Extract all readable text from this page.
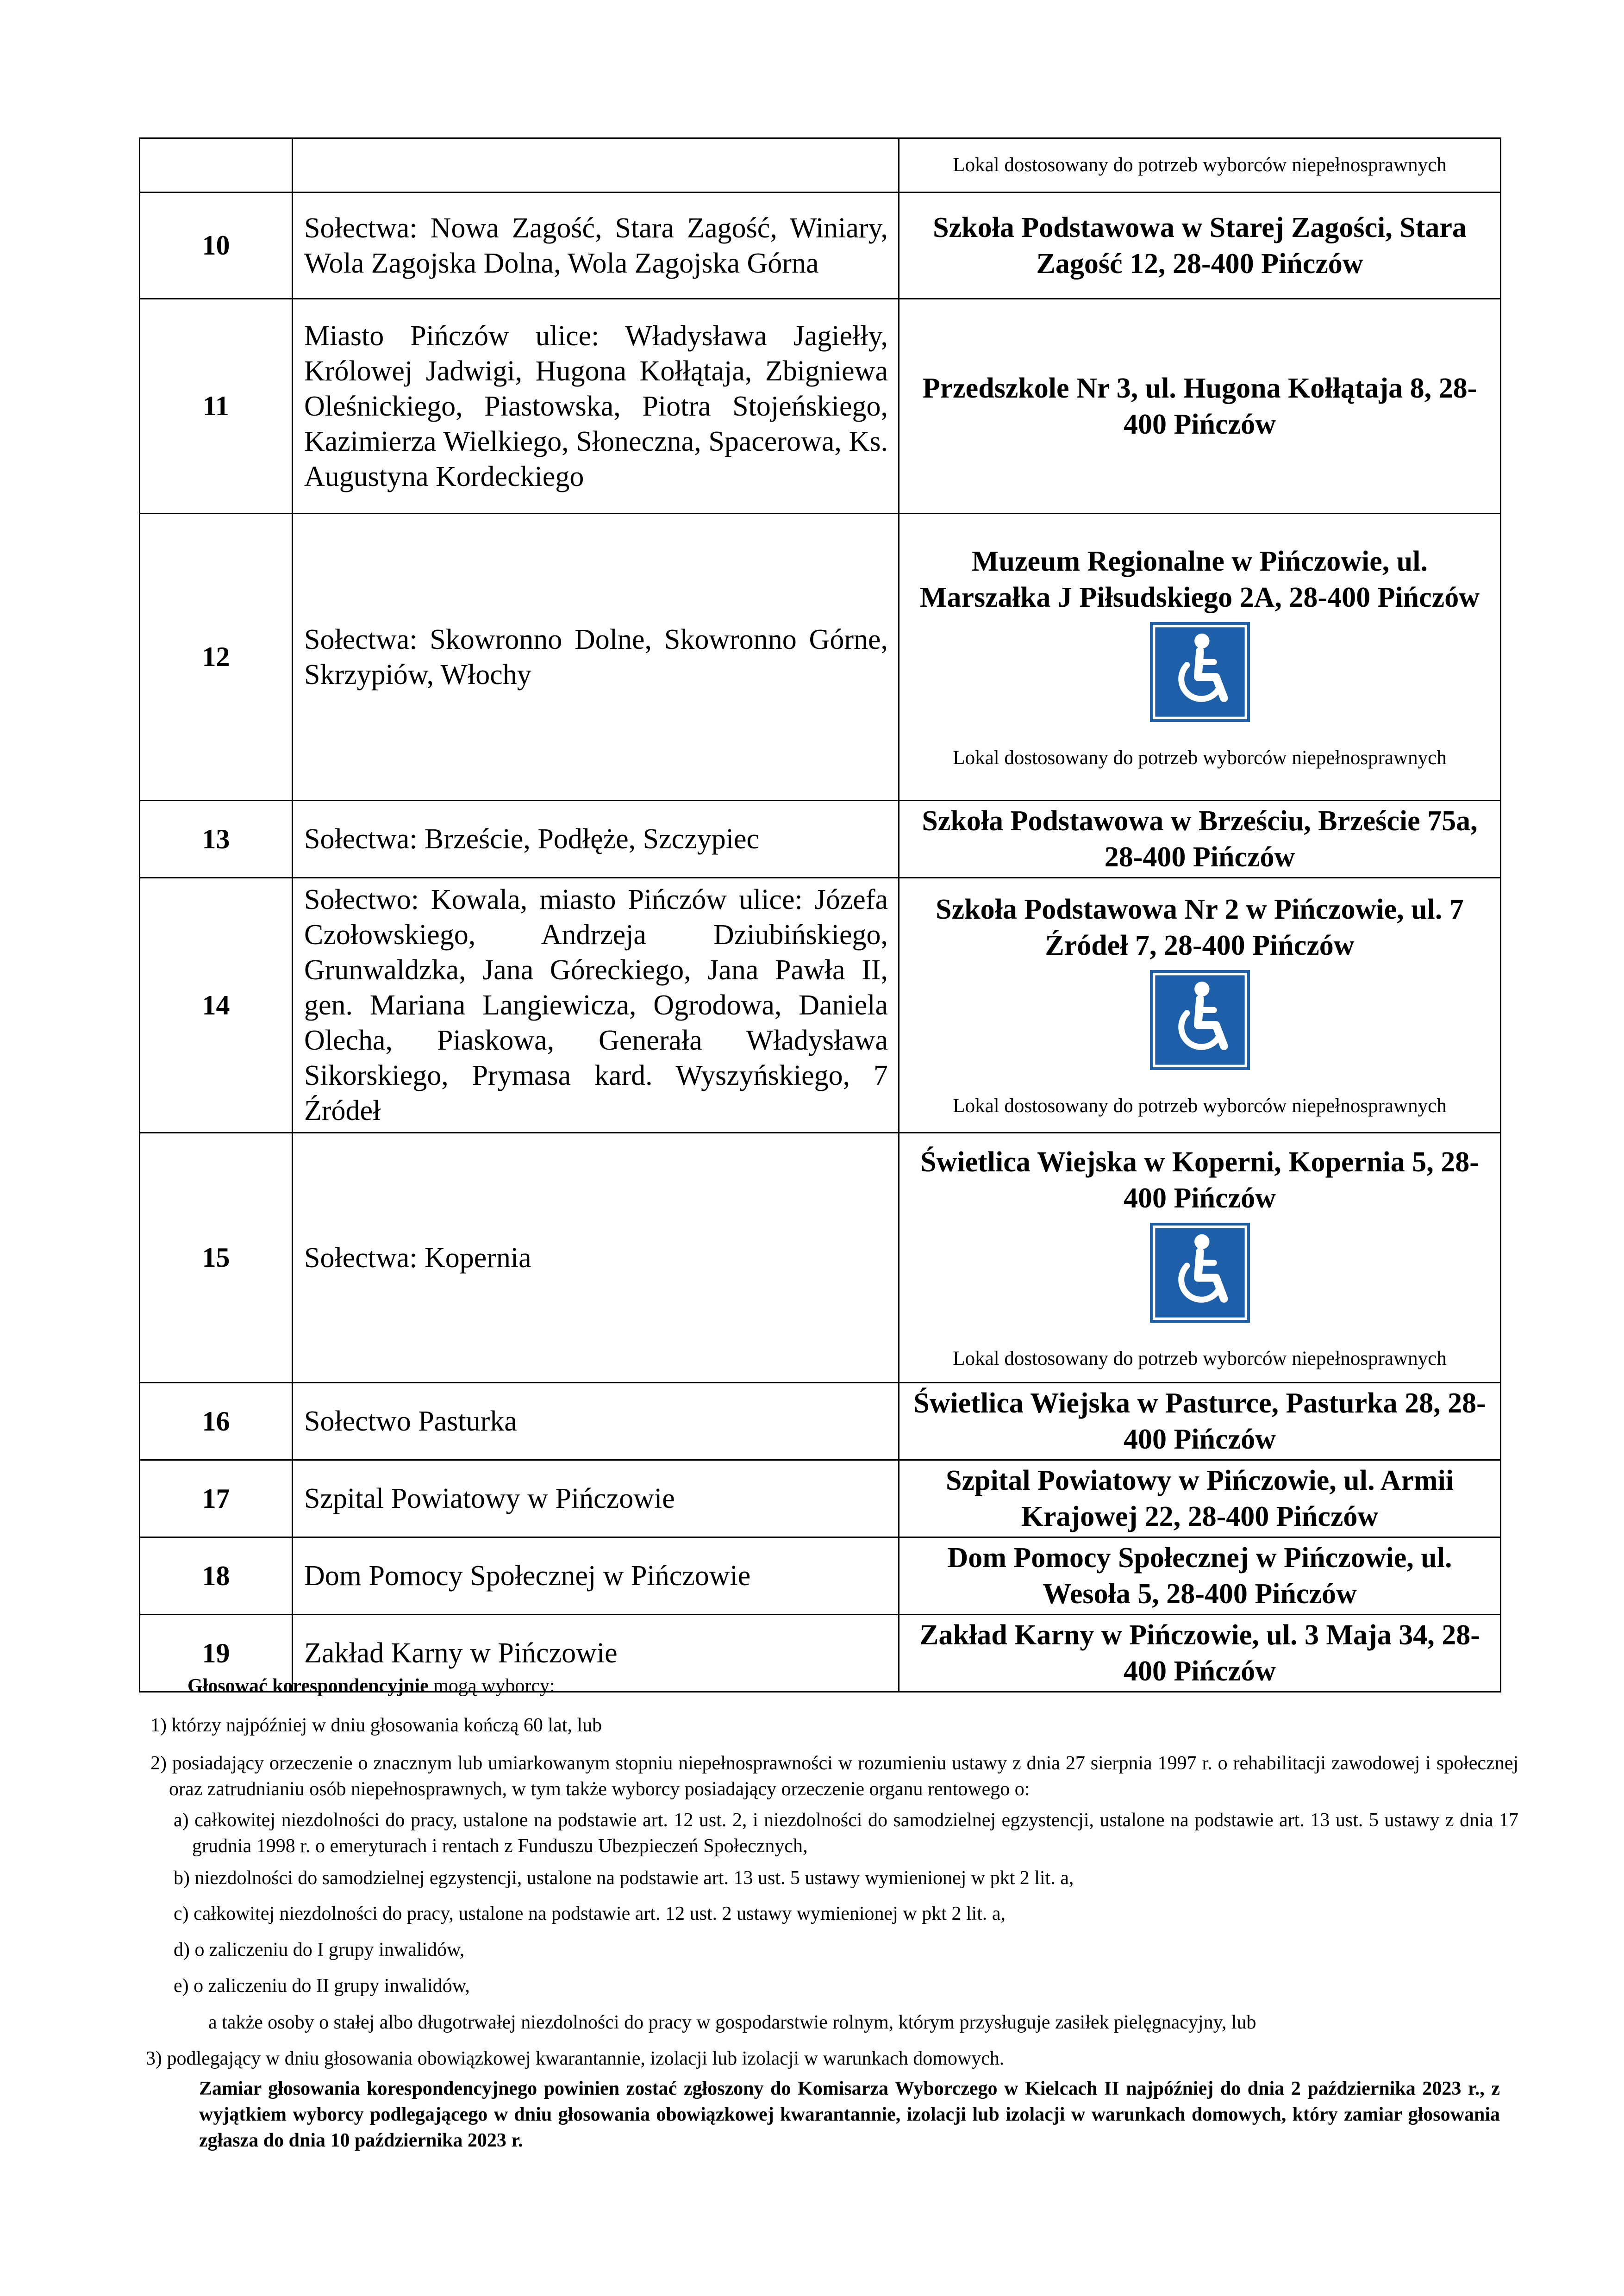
		Lokal dostosowany do potrzeb wyborców niepełnosprawnych

10	Sołectwa: Nowa Zagość, Stara Zagość, Winiary, Wola Zagojska Dolna, Wola Zagojska Górna	Szkoła Podstawowa w Starej Zagości, Stara Zagość 12, 28-400 Pińczów

11	Miasto Pińczów ulice: Władysława Jagiełły, Królowej Jadwigi, Hugona Kołłątaja, Zbigniewa Oleśnickiego, Piastowska, Piotra Stojeńskiego, Kazimierza Wielkiego, Słoneczna, Spacerowa, Ks. Augustyna Kordeckiego	Przedszkole Nr 3, ul. Hugona Kołłątaja 8, 28-400 Pińczów

12	Sołectwa: Skowronno Dolne, Skowronno Górne, Skrzypiów, Włochy	Muzeum Regionalne w Pińczowie, ul. Marszałka J Piłsudskiego 2A, 28-400 Pińczów
Lokal dostosowany do potrzeb wyborców niepełnosprawnych

13	Sołectwa: Brzeście, Podłęże, Szczypiec	Szkoła Podstawowa w Brześciu, Brzeście 75a, 28-400 Pińczów

14	Sołectwo: Kowala, miasto Pińczów ulice: Józefa Czołowskiego, Andrzeja Dziubińskiego, Grunwaldzka, Jana Góreckiego, Jana Pawła II, gen. Mariana Langiewicza, Ogrodowa, Daniela Olecha, Piaskowa, Generała Władysława Sikorskiego, Prymasa kard. Wyszyńskiego, 7 Źródeł	Szkoła Podstawowa Nr 2 w Pińczowie, ul. 7 Źródeł 7, 28-400 Pińczów
Lokal dostosowany do potrzeb wyborców niepełnosprawnych

15	Sołectwa: Kopernia	Świetlica Wiejska w Koperni, Kopernia 5, 28-400 Pińczów
Lokal dostosowany do potrzeb wyborców niepełnosprawnych

16	Sołectwo Pasturka	Świetlica Wiejska w Pasturce, Pasturka 28, 28-400 Pińczów

17	Szpital Powiatowy w Pińczowie	Szpital Powiatowy w Pińczowie, ul. Armii Krajowej 22, 28-400 Pińczów

18	Dom Pomocy Społecznej w Pińczowie	Dom Pomocy Społecznej w Pińczowie, ul. Wesoła 5, 28-400 Pińczów

19	Zakład Karny w Pińczowie	Zakład Karny w Pińczowie, ul. 3 Maja 34, 28-400 Pińczów

Głosować korespondencyjnie mogą wyborcy:

1) którzy najpóźniej w dniu głosowania kończą 60 lat, lub

2) posiadający orzeczenie o znacznym lub umiarkowanym stopniu niepełnosprawności w rozumieniu ustawy z dnia 27 sierpnia 1997 r. o rehabilitacji zawodowej i społecznej oraz zatrudnianiu osób niepełnosprawnych, w tym także wyborcy posiadający orzeczenie organu rentowego o:

a) całkowitej niezdolności do pracy, ustalone na podstawie art. 12 ust. 2, i niezdolności do samodzielnej egzystencji, ustalone na podstawie art. 13 ust. 5 ustawy z dnia 17 grudnia 1998 r. o emeryturach i rentach z Funduszu Ubezpieczeń Społecznych,

b) niezdolności do samodzielnej egzystencji, ustalone na podstawie art. 13 ust. 5 ustawy wymienionej w pkt 2 lit. a,

c) całkowitej niezdolności do pracy, ustalone na podstawie art. 12 ust. 2 ustawy wymienionej w pkt 2 lit. a,

d) o zaliczeniu do I grupy inwalidów,

e) o zaliczeniu do II grupy inwalidów,

a także osoby o stałej albo długotrwałej niezdolności do pracy w gospodarstwie rolnym, którym przysługuje zasiłek pielęgnacyjny, lub

3) podlegający w dniu głosowania obowiązkowej kwarantannie, izolacji lub izolacji w warunkach domowych.

Zamiar głosowania korespondencyjnego powinien zostać zgłoszony do Komisarza Wyborczego w Kielcach II najpóźniej do dnia 2 października 2023 r., z wyjątkiem wyborcy podlegającego w dniu głosowania obowiązkowej kwarantannie, izolacji lub izolacji w warunkach domowych, który zamiar głosowania zgłasza do dnia 10 października 2023 r.
